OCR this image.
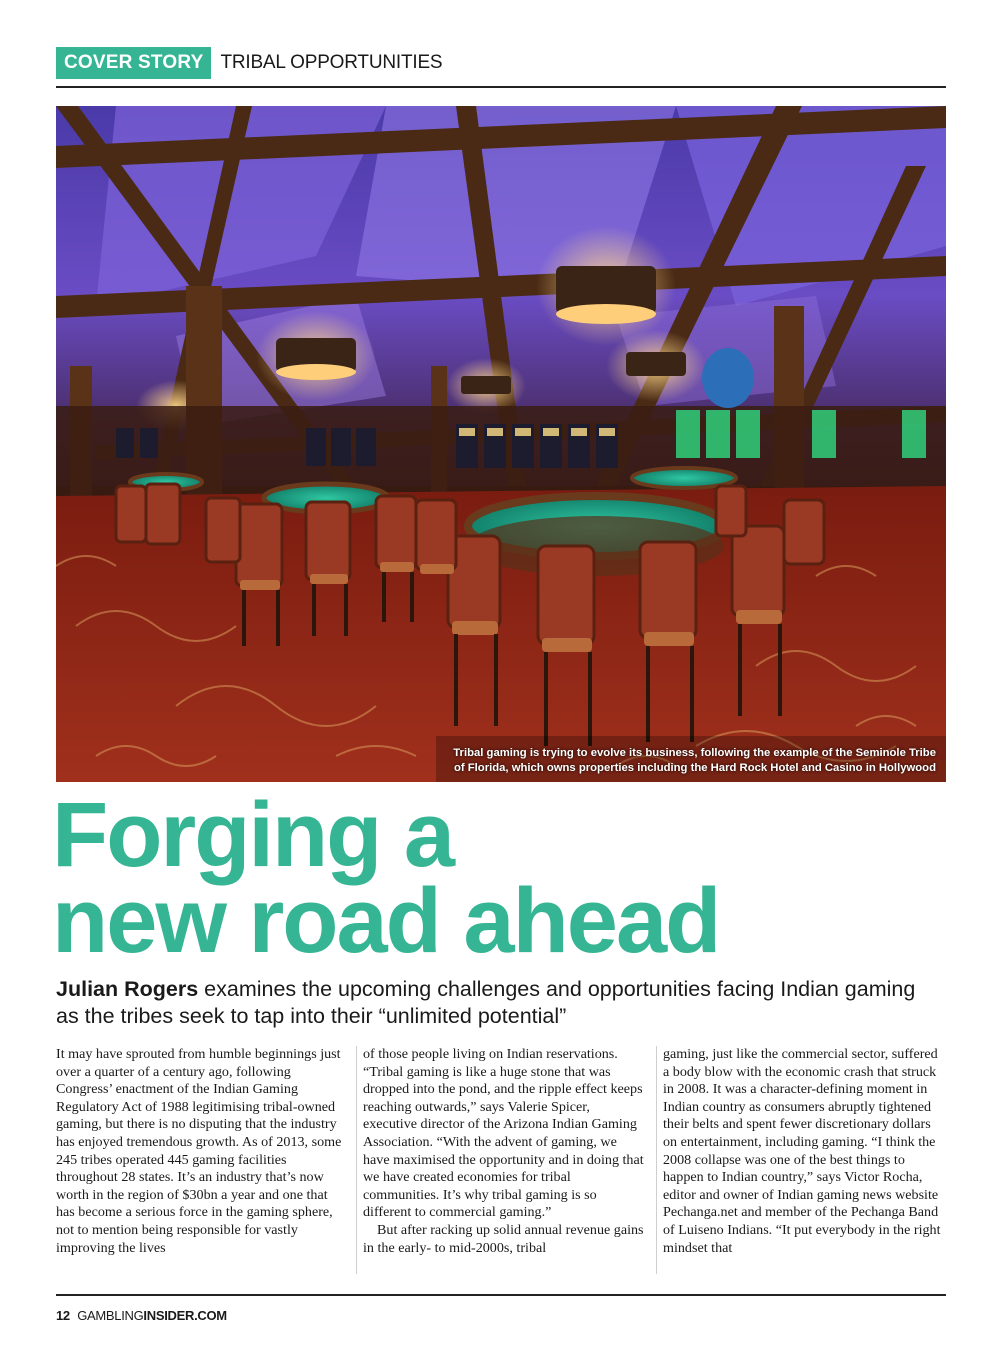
COVER STORY TRIBAL OPPORTUNITIES
Tribal gaming is trying to evolve its business, following the example of the Seminole Tribe
of Florida, which owns properties including the Hard Rock Hotel and Casino in Hollywood
Forging a
new road ahead

Julian Rogers examines the upcoming challenges and opportunities facing Indian gaming as the tribes seek to tap into their “unlimited potential”

It may have sprouted from humble beginnings just over a quarter of a century ago, following Congress’ enactment of the Indian Gaming Regulatory Act of 1988 legitimising tribal-owned gaming, but there is no disputing that the industry has enjoyed tremendous growth. As of 2013, some 245 tribes operated 445 gaming facilities throughout 28 states. It’s an industry that’s now worth in the region of $30bn a year and one that has become a serious force in the gaming sphere, not to mention being responsible for vastly improving the lives

of those people living on Indian reservations. “Tribal gaming is like a huge stone that was dropped into the pond, and the ripple effect keeps reaching outwards,” says Valerie Spicer, executive director of the Arizona Indian Gaming Association. “With the advent of gaming, we have maximised the opportunity and in doing that we have created economies for tribal communities. It’s why tribal gaming is so different to commercial gaming.”

But after racking up solid annual revenue gains in the early- to mid-2000s, tribal

gaming, just like the commercial sector, suffered a body blow with the economic crash that struck in 2008. It was a character-defining moment in Indian country as consumers abruptly tightened their belts and spent fewer discretionary dollars on entertainment, including gaming. “I think the 2008 collapse was one of the best things to happen to Indian country,” says Victor Rocha, editor and owner of Indian gaming news website Pechanga.net and member of the Pechanga Band of Luiseno Indians. “It put everybody in the right mindset that

12 GAMBLINGINSIDER.COM
